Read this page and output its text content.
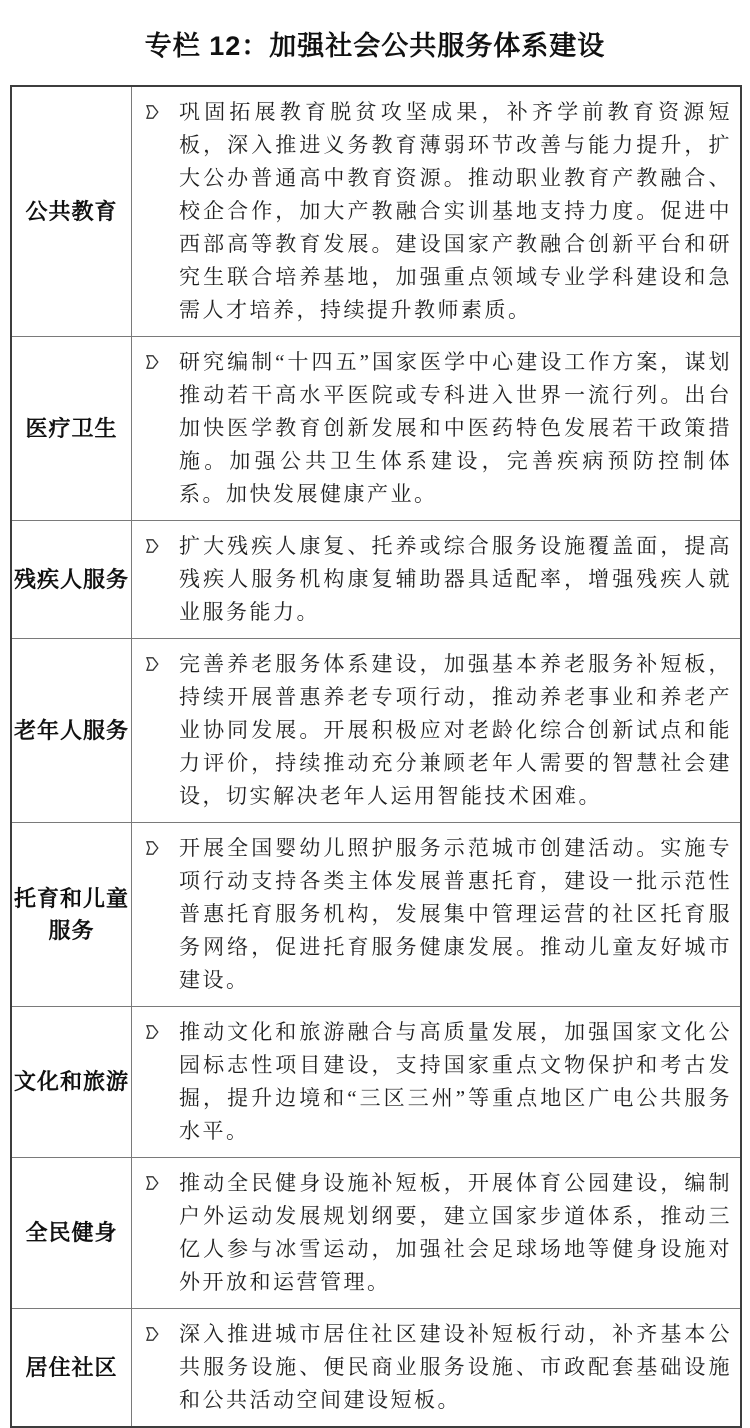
专栏 12：加强社会公共服务体系建设
公共教育	巩固拓展教育脱贫攻坚成果，补齐学前教育资源短板，深入推进义务教育薄弱环节改善与能力提升，扩大公办普通高中教育资源。推动职业教育产教融合、校企合作，加大产教融合实训基地支持力度。促进中西部高等教育发展。建设国家产教融合创新平台和研究生联合培养基地，加强重点领域专业学科建设和急需人才培养，持续提升教师素质。

医疗卫生	研究编制“十四五”国家医学中心建设工作方案，谋划推动若干高水平医院或专科进入世界一流行列。出台加快医学教育创新发展和中医药特色发展若干政策措施。加强公共卫生体系建设，完善疾病预防控制体系。加快发展健康产业。

残疾人服务	扩大残疾人康复、托养或综合服务设施覆盖面，提高残疾人服务机构康复辅助器具适配率，增强残疾人就业服务能力。

老年人服务	完善养老服务体系建设，加强基本养老服务补短板，持续开展普惠养老专项行动，推动养老事业和养老产业协同发展。开展积极应对老龄化综合创新试点和能力评价，持续推动充分兼顾老年人需要的智慧社会建设，切实解决老年人运用智能技术困难。

托育和儿童服务	开展全国婴幼儿照护服务示范城市创建活动。实施专项行动支持各类主体发展普惠托育，建设一批示范性普惠托育服务机构，发展集中管理运营的社区托育服务网络，促进托育服务健康发展。推动儿童友好城市建设。

文化和旅游	推动文化和旅游融合与高质量发展，加强国家文化公园标志性项目建设，支持国家重点文物保护和考古发掘，提升边境和“三区三州”等重点地区广电公共服务水平。

全民健身	推动全民健身设施补短板，开展体育公园建设，编制户外运动发展规划纲要，建立国家步道体系，推动三亿人参与冰雪运动，加强社会足球场地等健身设施对外开放和运营管理。

居住社区	深入推进城市居住社区建设补短板行动，补齐基本公共服务设施、便民商业服务设施、市政配套基础设施和公共活动空间建设短板。
